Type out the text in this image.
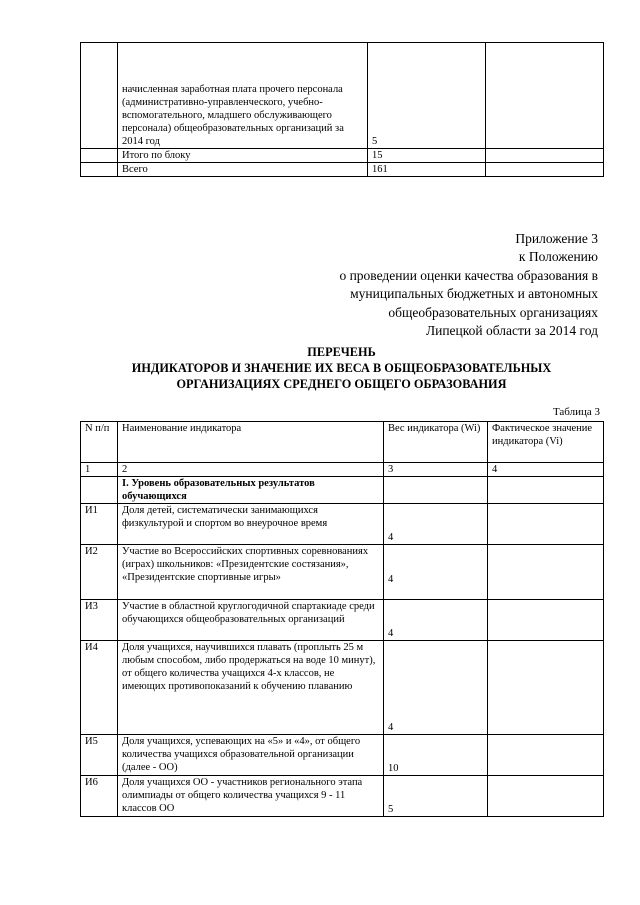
	начисленная заработная плата прочего персонала (административно-управленческого, учебно-вспомогательного, младшего обслуживающего персонала) общеобразовательных организаций за 2014 год	5	
	Итого по блоку	15	
	Всего	161	
Приложение 3
к Положению
о проведении оценки качества образования в
муниципальных бюджетных и автономных
общеобразовательных организациях
Липецкой области за 2014 год
ПЕРЕЧЕНЬ
ИНДИКАТОРОВ И ЗНАЧЕНИЕ ИХ ВЕСА В ОБЩЕОБРАЗОВАТЕЛЬНЫХ
ОРГАНИЗАЦИЯХ СРЕДНЕГО ОБЩЕГО ОБРАЗОВАНИЯ
Таблица 3
N п/п	Наименование индикатора	Вес индикатора (Wi)	Фактическое значение индикатора (Vi)
1	2	3	4
	I. Уровень образовательных результатов обучающихся		
И1	Доля детей, систематически занимающихся физкультурой и спортом во внеурочное время	4	
И2	Участие во Всероссийских спортивных соревнованиях (играх) школьников: «Президентские состязания», «Президентские спортивные игры»	4	
И3	Участие в областной круглогодичной спартакиаде среди обучающихся общеобразовательных организаций	4	
И4	Доля учащихся, научившихся плавать (проплыть 25 м любым способом, либо продержаться на воде 10 минут), от общего количества учащихся 4-х классов, не имеющих противопоказаний к обучению плаванию	4	
И5	Доля учащихся, успевающих на «5» и «4», от общего количества учащихся образовательной организации (далее - ОО)	10	
И6	Доля учащихся ОО - участников регионального этапа олимпиады от общего количества учащихся 9 - 11 классов ОО	5	
